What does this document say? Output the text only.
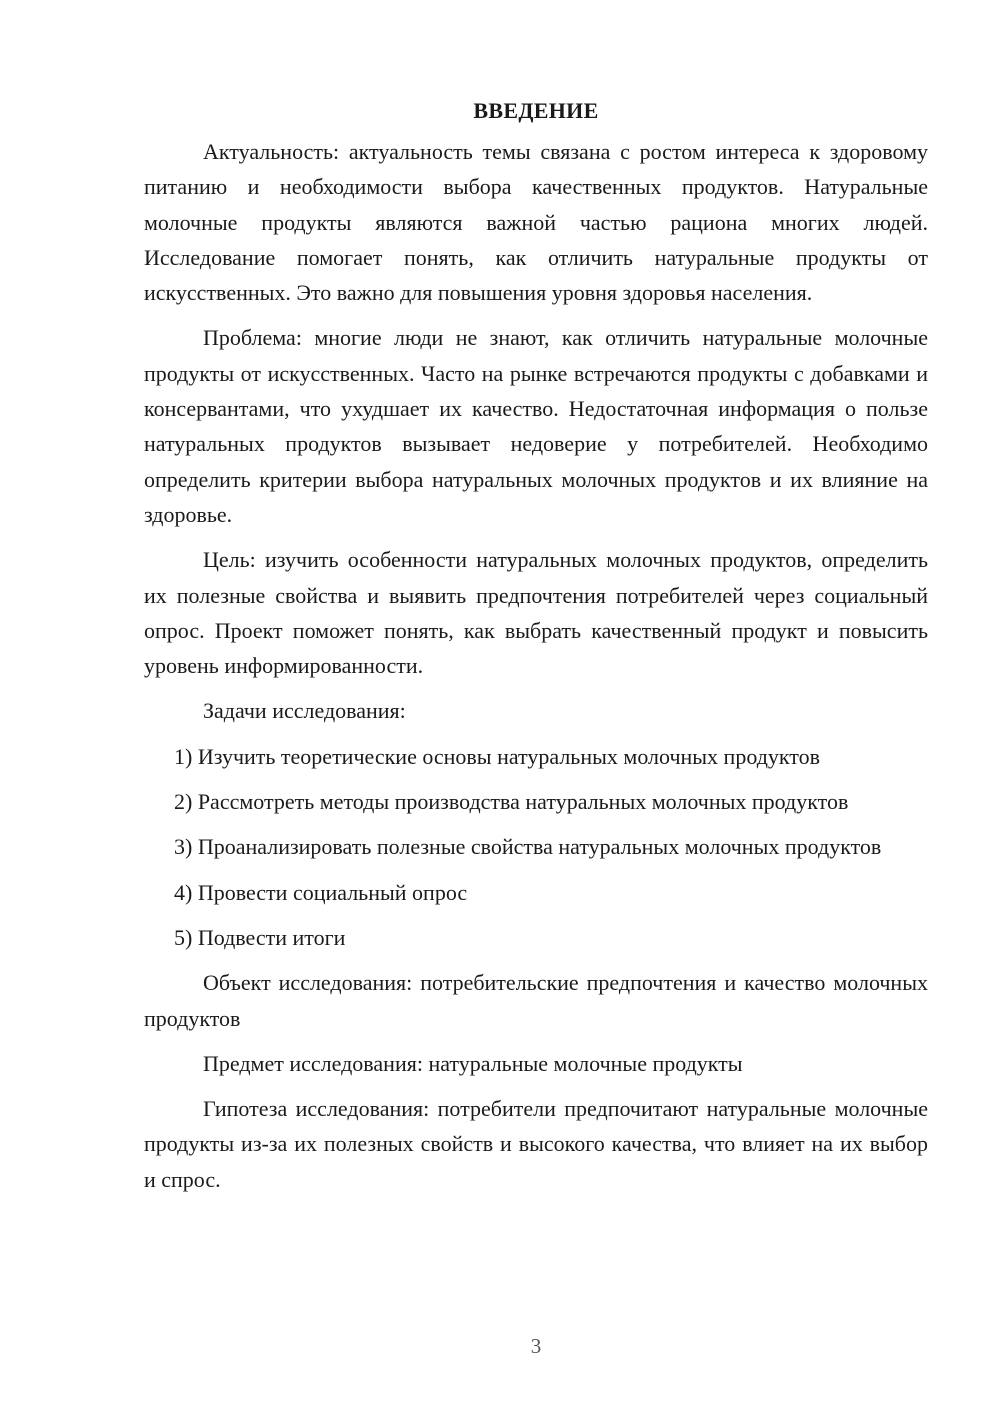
ВВЕДЕНИЕ

Актуальность: актуальность темы связана с ростом интереса к здоровому питанию и необходимости выбора качественных продуктов. Натуральные молочные продукты являются важной частью рациона многих людей. Исследование помогает понять, как отличить натуральные продукты от искусственных. Это важно для повышения уровня здоровья населения.

Проблема: многие люди не знают, как отличить натуральные молочные продукты от искусственных. Часто на рынке встречаются продукты с добавками и консервантами, что ухудшает их качество. Недостаточная информация о пользе натуральных продуктов вызывает недоверие у потребителей. Необходимо определить критерии выбора натуральных молочных продуктов и их влияние на здоровье.

Цель: изучить особенности натуральных молочных продуктов, определить их полезные свойства и выявить предпочтения потребителей через социальный опрос. Проект поможет понять, как выбрать качественный продукт и повысить уровень информированности.

Задачи исследования:

1) Изучить теоретические основы натуральных молочных продуктов

2) Рассмотреть методы производства натуральных молочных продуктов

3) Проанализировать полезные свойства натуральных молочных продуктов

4) Провести социальный опрос

5) Подвести итоги

Объект исследования: потребительские предпочтения и качество молочных продуктов

Предмет исследования: натуральные молочные продукты

Гипотеза исследования: потребители предпочитают натуральные молочные продукты из-за их полезных свойств и высокого качества, что влияет на их выбор и спрос.

3
